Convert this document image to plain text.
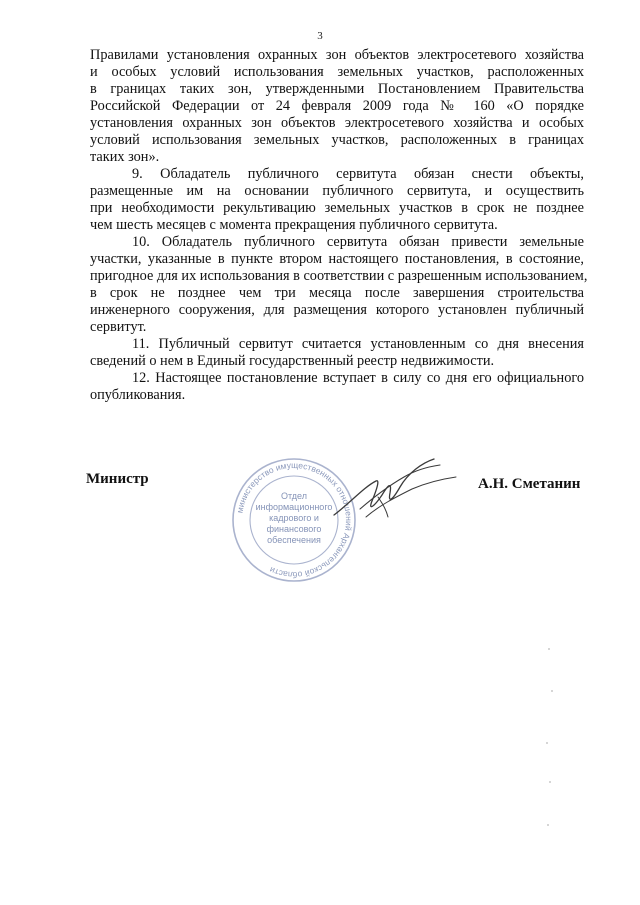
3
Правилами установления охранных зон объектов электросетевого хозяйства
и особых условий использования земельных участков, расположенных
в границах таких зон, утвержденными Постановлением Правительства
Российской Федерации от 24 февраля 2009 года № 160 «О порядке
установления охранных зон объектов электросетевого хозяйства и особых
условий использования земельных участков, расположенных в границах
таких зон».
9. Обладатель публичного сервитута обязан снести объекты,
размещенные им на основании публичного сервитута, и осуществить
при необходимости рекультивацию земельных участков в срок не позднее
чем шесть месяцев с момента прекращения публичного сервитута.
10. Обладатель публичного сервитута обязан привести земельные
участки, указанные в пункте втором настоящего постановления, в состояние,
пригодное для их использования в соответствии с разрешенным использованием,
в срок не позднее чем три месяца после завершения строительства
инженерного сооружения, для размещения которого установлен публичный
сервитут.
11. Публичный сервитут считается установленным со дня внесения
сведений о нем в Единый государственный реестр недвижимости.
12. Настоящее постановление вступает в силу со дня его официального
опубликования.
Министр
министерство имущественных отношений Архангельской области
Отдел
информационного
кадрового и
финансового
обеспечения
А.Н. Сметанин
